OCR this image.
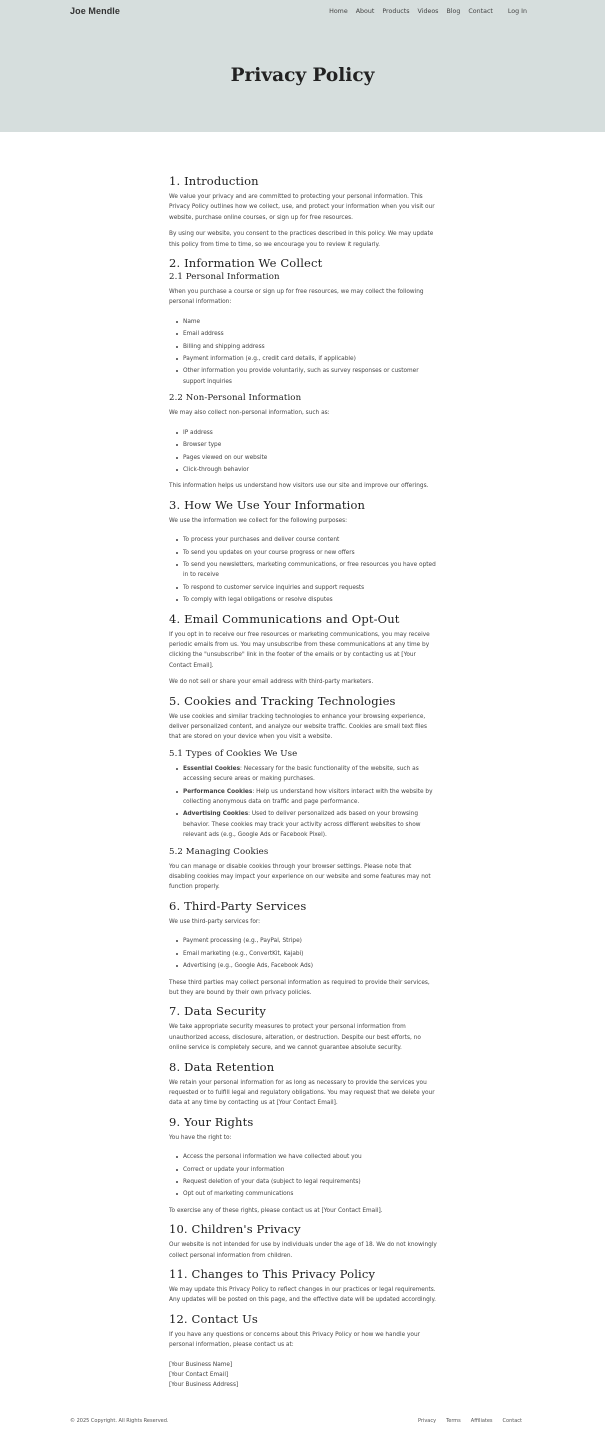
Joe Mendle	Home About Products Videos Blog Contact Log In
Privacy Policy
1. Introduction

We value your privacy and are committed to protecting your personal information. This Privacy Policy outlines how we collect, use, and protect your information when you visit our website, purchase online courses, or sign up for free resources.

By using our website, you consent to the practices described in this policy. We may update this policy from time to time, so we encourage you to review it regularly.

2. Information We Collect
2.1 Personal Information

When you purchase a course or sign up for free resources, we may collect the following personal information:

Name
Email address
Billing and shipping address
Payment information (e.g., credit card details, if applicable)
Other information you provide voluntarily, such as survey responses or customer support inquiries
2.2 Non-Personal Information

We may also collect non-personal information, such as:

IP address
Browser type
Pages viewed on our website
Click-through behavior

This information helps us understand how visitors use our site and improve our offerings.

3. How We Use Your Information

We use the information we collect for the following purposes:

To process your purchases and deliver course content
To send you updates on your course progress or new offers
To send you newsletters, marketing communications, or free resources you have opted in to receive
To respond to customer service inquiries and support requests
To comply with legal obligations or resolve disputes
4. Email Communications and Opt-Out

If you opt in to receive our free resources or marketing communications, you may receive periodic emails from us. You may unsubscribe from these communications at any time by clicking the "unsubscribe" link in the footer of the emails or by contacting us at [Your Contact Email].

We do not sell or share your email address with third-party marketers.

5. Cookies and Tracking Technologies

We use cookies and similar tracking technologies to enhance your browsing experience, deliver personalized content, and analyze our website traffic. Cookies are small text files that are stored on your device when you visit a website.

5.1 Types of Cookies We Use
Essential Cookies: Necessary for the basic functionality of the website, such as accessing secure areas or making purchases.
Performance Cookies: Help us understand how visitors interact with the website by collecting anonymous data on traffic and page performance.
Advertising Cookies: Used to deliver personalized ads based on your browsing behavior. These cookies may track your activity across different websites to show relevant ads (e.g., Google Ads or Facebook Pixel).
5.2 Managing Cookies

You can manage or disable cookies through your browser settings. Please note that disabling cookies may impact your experience on our website and some features may not function properly.

6. Third-Party Services

We use third-party services for:

Payment processing (e.g., PayPal, Stripe)
Email marketing (e.g., ConvertKit, Kajabi)
Advertising (e.g., Google Ads, Facebook Ads)

These third parties may collect personal information as required to provide their services, but they are bound by their own privacy policies.

7. Data Security

We take appropriate security measures to protect your personal information from unauthorized access, disclosure, alteration, or destruction. Despite our best efforts, no online service is completely secure, and we cannot guarantee absolute security.

8. Data Retention

We retain your personal information for as long as necessary to provide the services you requested or to fulfill legal and regulatory obligations. You may request that we delete your data at any time by contacting us at [Your Contact Email].

9. Your Rights

You have the right to:

Access the personal information we have collected about you
Correct or update your information
Request deletion of your data (subject to legal requirements)
Opt out of marketing communications

To exercise any of these rights, please contact us at [Your Contact Email].

10. Children's Privacy

Our website is not intended for use by individuals under the age of 18. We do not knowingly collect personal information from children.

11. Changes to This Privacy Policy

We may update this Privacy Policy to reflect changes in our practices or legal requirements. Any updates will be posted on this page, and the effective date will be updated accordingly.

12. Contact Us

If you have any questions or concerns about this Privacy Policy or how we handle your personal information, please contact us at:

[Your Business Name]
[Your Contact Email]
[Your Business Address]
© 2025 Copyright. All Rights Reserved.	Privacy Terms Affiliates Contact
